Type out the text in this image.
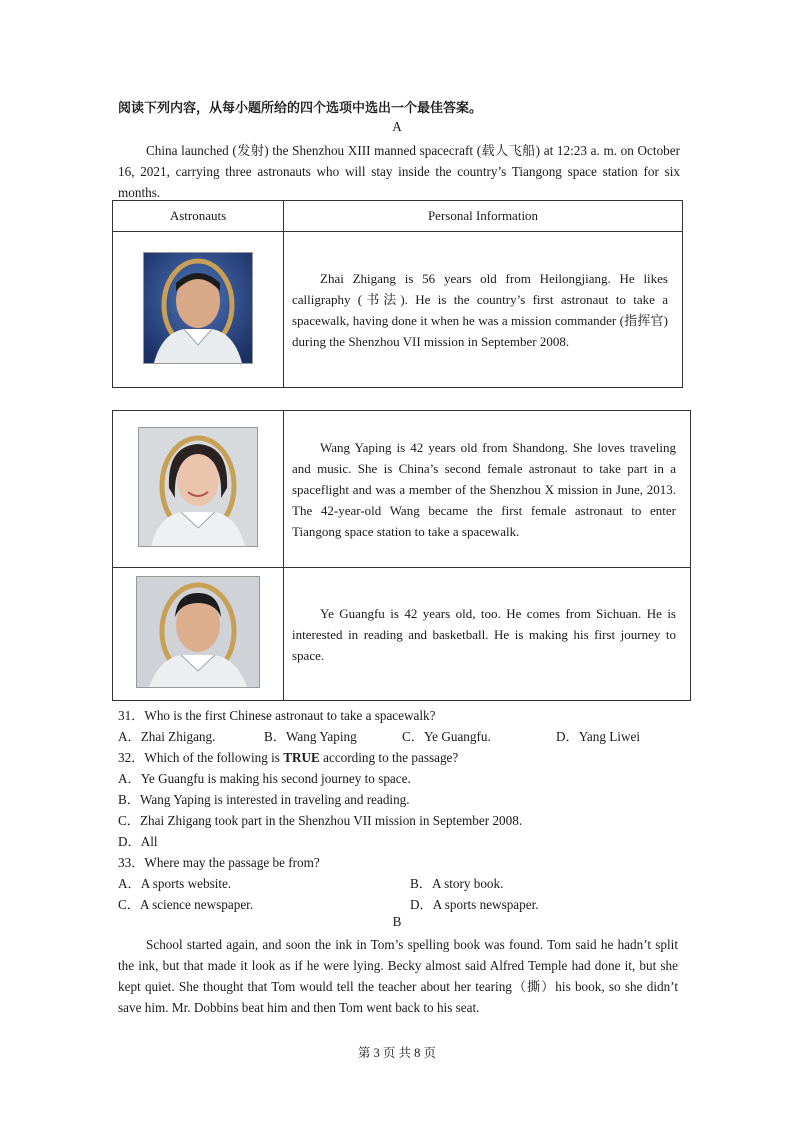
阅读下列内容，从每小题所给的四个选项中选出一个最佳答案。
A
China launched (发射) the Shenzhou XIII manned spacecraft (载人飞船) at 12:23 a. m. on October 16, 2021, carrying three astronauts who will stay inside the country’s Tiangong space station for six months.
Astronauts	Personal Information
	Zhai Zhigang is 56 years old from Heilongjiang. He likes calligraphy (书法). He is the country’s first astronaut to take a spacewalk, having done it when he was a mission commander (指挥官) during the Shenzhou VII mission in September 2008.
	Wang Yaping is 42 years old from Shandong. She loves traveling and music. She is China’s second female astronaut to take part in a spaceflight and was a member of the Shenzhou X mission in June, 2013. The 42-year-old Wang became the first female astronaut to enter Tiangong space station to take a spacewalk.
	Ye Guangfu is 42 years old, too. He comes from Sichuan. He is interested in reading and basketball. He is making his first journey to space.
31．Who is the first Chinese astronaut to take a spacewalk?
A．Zhai Zhigang.	B．Wang Yaping	C．Ye Guangfu.	D．Yang Liwei
32．Which of the following is TRUE according to the passage?
A．Ye Guangfu is making his second journey to space.
B．Wang Yaping is interested in traveling and reading.
C．Zhai Zhigang took part in the Shenzhou VII mission in September 2008.
D．All
33．Where may the passage be from?
A．A sports website.	B．A story book.
C．A science newspaper.	D．A sports newspaper.
B
School started again, and soon the ink in Tom’s spelling book was found. Tom said he hadn’t split the ink, but that made it look as if he were lying. Becky almost said Alfred Temple had done it, but she kept quiet. She thought that Tom would tell the teacher about her tearing（撕）his book, so she didn’t save him. Mr. Dobbins beat him and then Tom went back to his seat.
第 3 页 共 8 页
